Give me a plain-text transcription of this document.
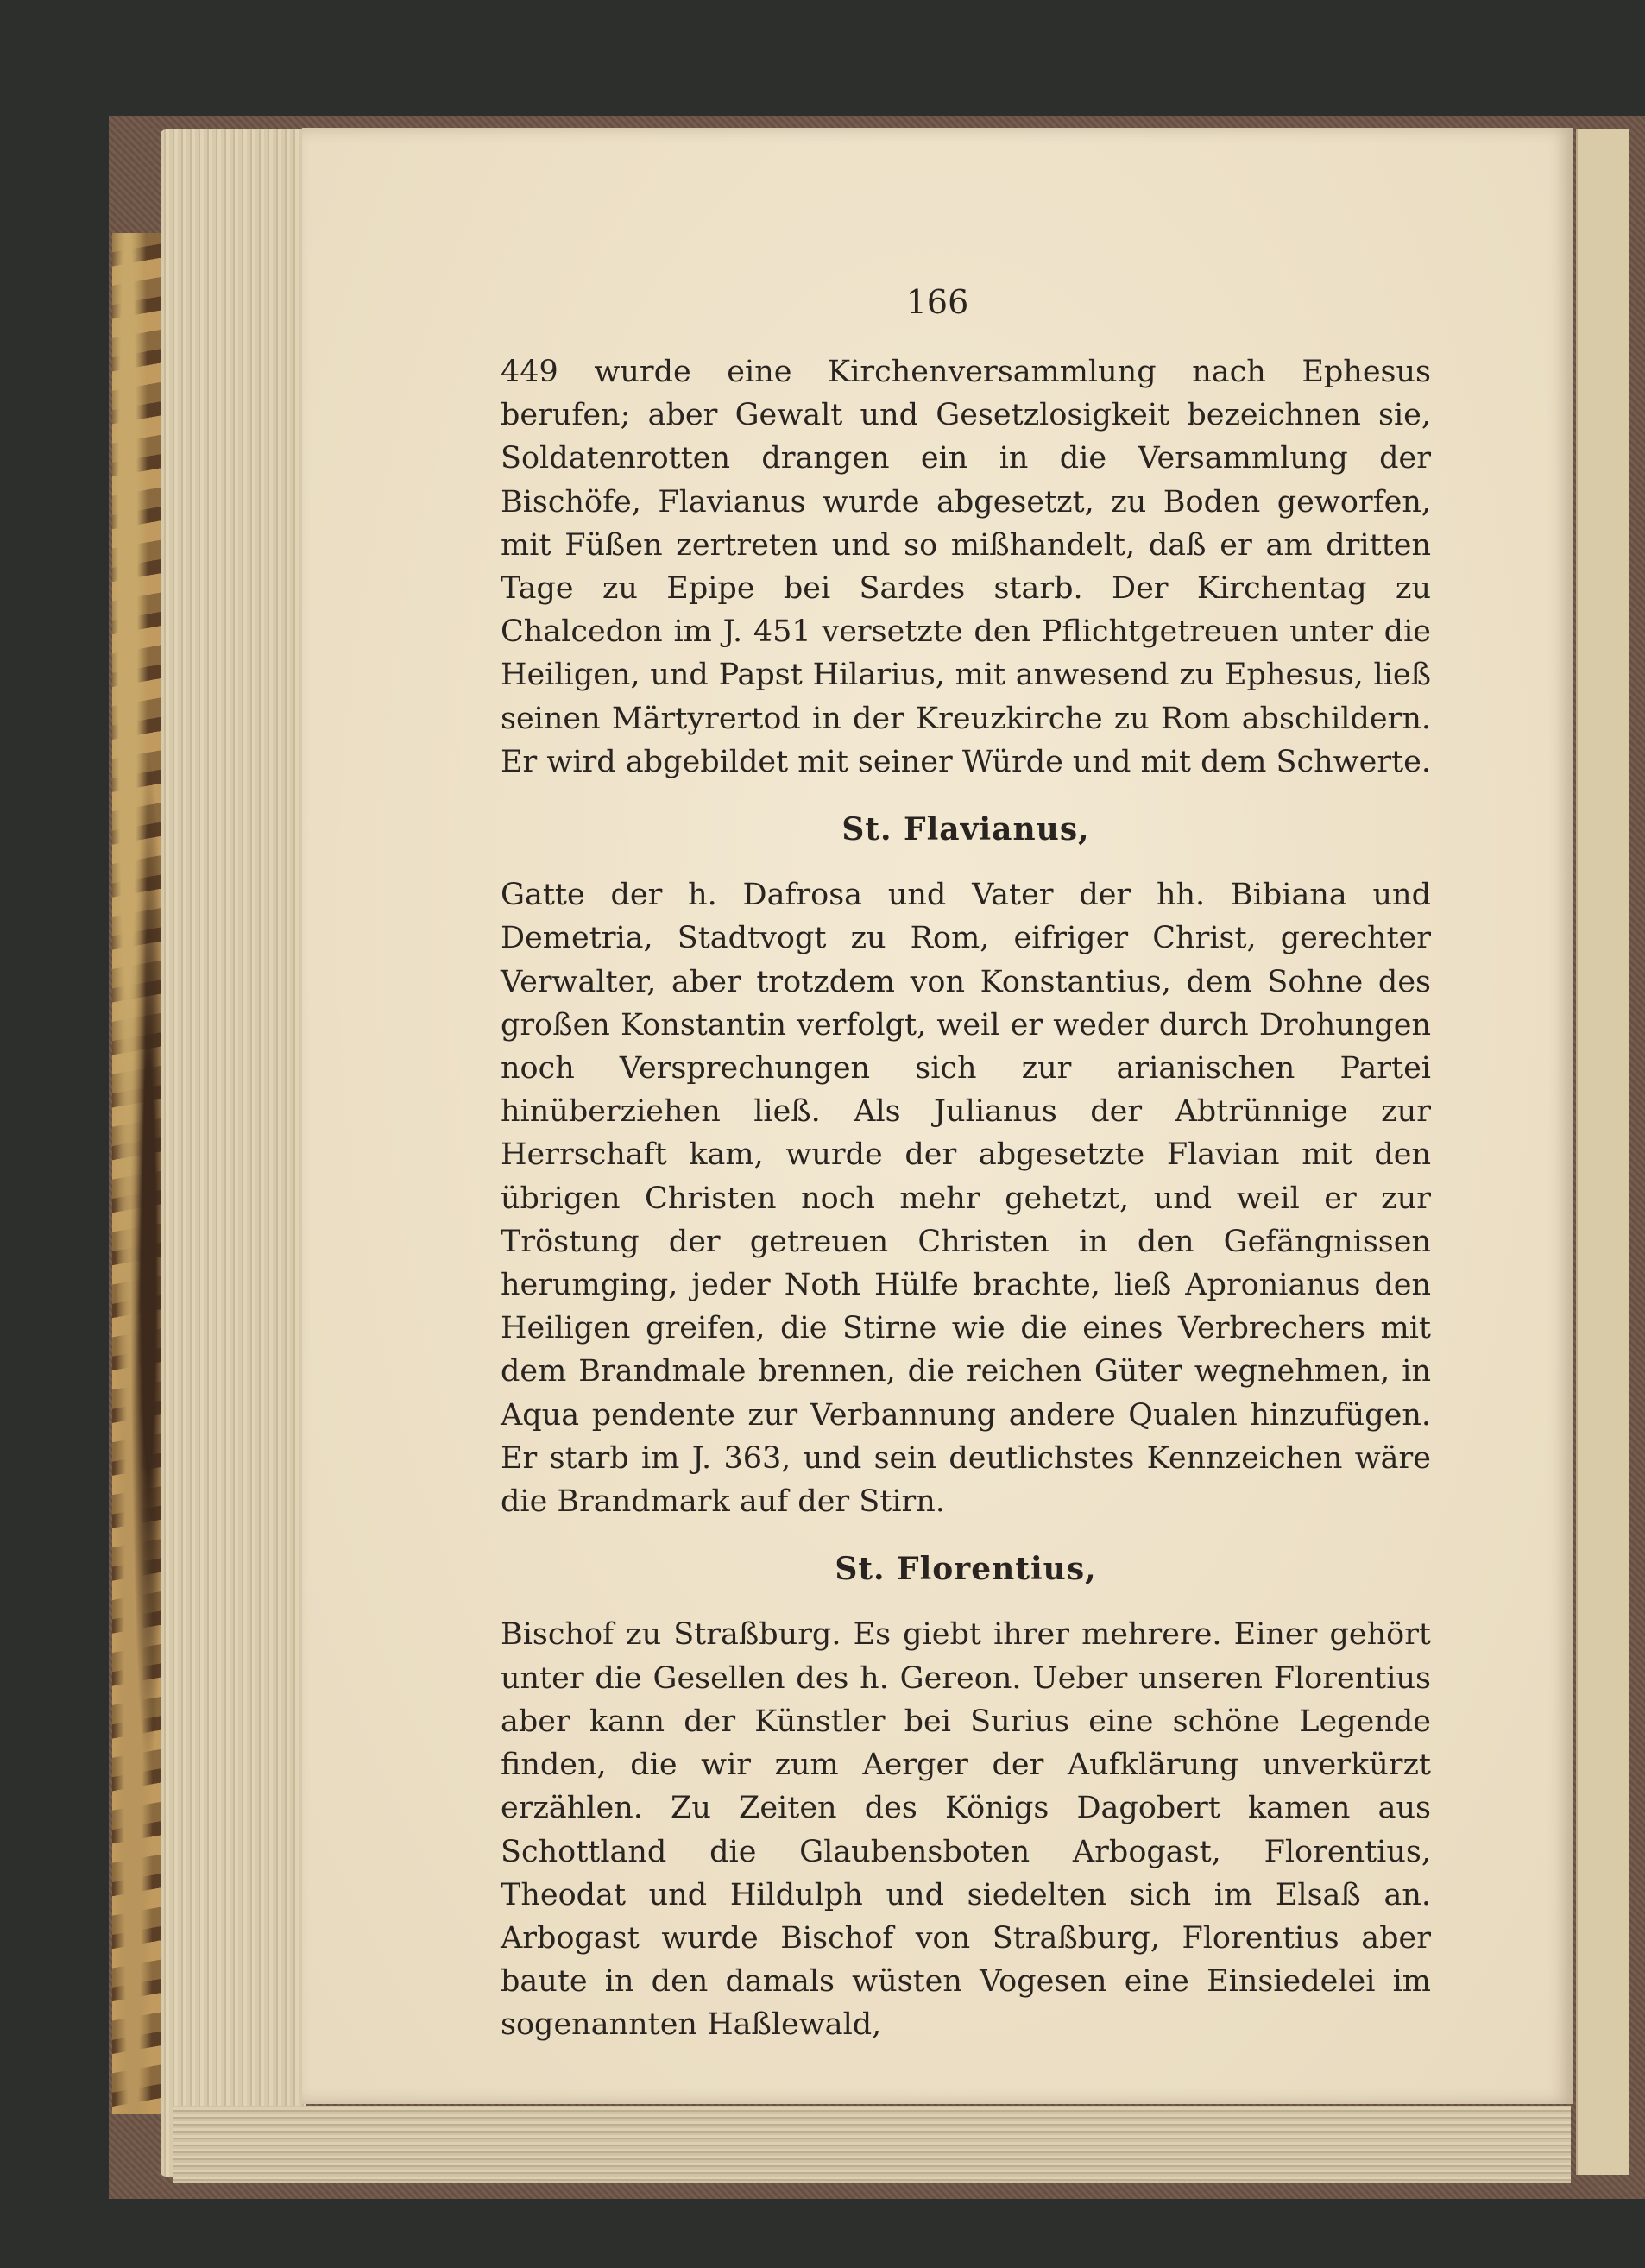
166

449 wurde eine Kirchenversammlung nach Ephesus berufen; aber Gewalt und Gesetzlosigkeit bezeichnen sie, Soldatenrotten drangen ein in die Versammlung der Bischöfe, Flavianus wurde abgesetzt, zu Boden geworfen, mit Füßen zertreten und so mißhandelt, daß er am dritten Tage zu Epipe bei Sardes starb. Der Kirchentag zu Chalcedon im J. 451 versetzte den Pflichtgetreuen unter die Heiligen, und Papst Hilarius, mit anwesend zu Ephesus, ließ seinen Märtyrertod in der Kreuzkirche zu Rom abschildern. Er wird abgebildet mit seiner Würde und mit dem Schwerte.

St. Flavianus,

Gatte der h. Dafrosa und Vater der hh. Bibiana und Demetria, Stadtvogt zu Rom, eifriger Christ, gerechter Verwalter, aber trotzdem von Konstantius, dem Sohne des großen Konstantin verfolgt, weil er weder durch Drohungen noch Versprechungen sich zur arianischen Partei hinüberziehen ließ. Als Julianus der Abtrünnige zur Herrschaft kam, wurde der abgesetzte Flavian mit den übrigen Christen noch mehr gehetzt, und weil er zur Tröstung der getreuen Christen in den Gefängnissen herumging, jeder Noth Hülfe brachte, ließ Apronianus den Heiligen greifen, die Stirne wie die eines Verbrechers mit dem Brandmale brennen, die reichen Güter wegnehmen, in Aqua pendente zur Verbannung andere Qualen hinzufügen. Er starb im J. 363, und sein deutlichstes Kennzeichen wäre die Brandmark auf der Stirn.

St. Florentius,

Bischof zu Straßburg. Es giebt ihrer mehrere. Einer gehört unter die Gesellen des h. Gereon. Ueber unseren Florentius aber kann der Künstler bei Surius eine schöne Legende finden, die wir zum Aerger der Aufklärung unverkürzt erzählen. Zu Zeiten des Königs Dagobert kamen aus Schottland die Glaubensboten Arbogast, Florentius, Theodat und Hildulph und siedelten sich im Elsaß an. Arbogast wurde Bischof von Straßburg, Florentius aber baute in den damals wüsten Vogesen eine Einsiedelei im sogenannten Haßlewald,
